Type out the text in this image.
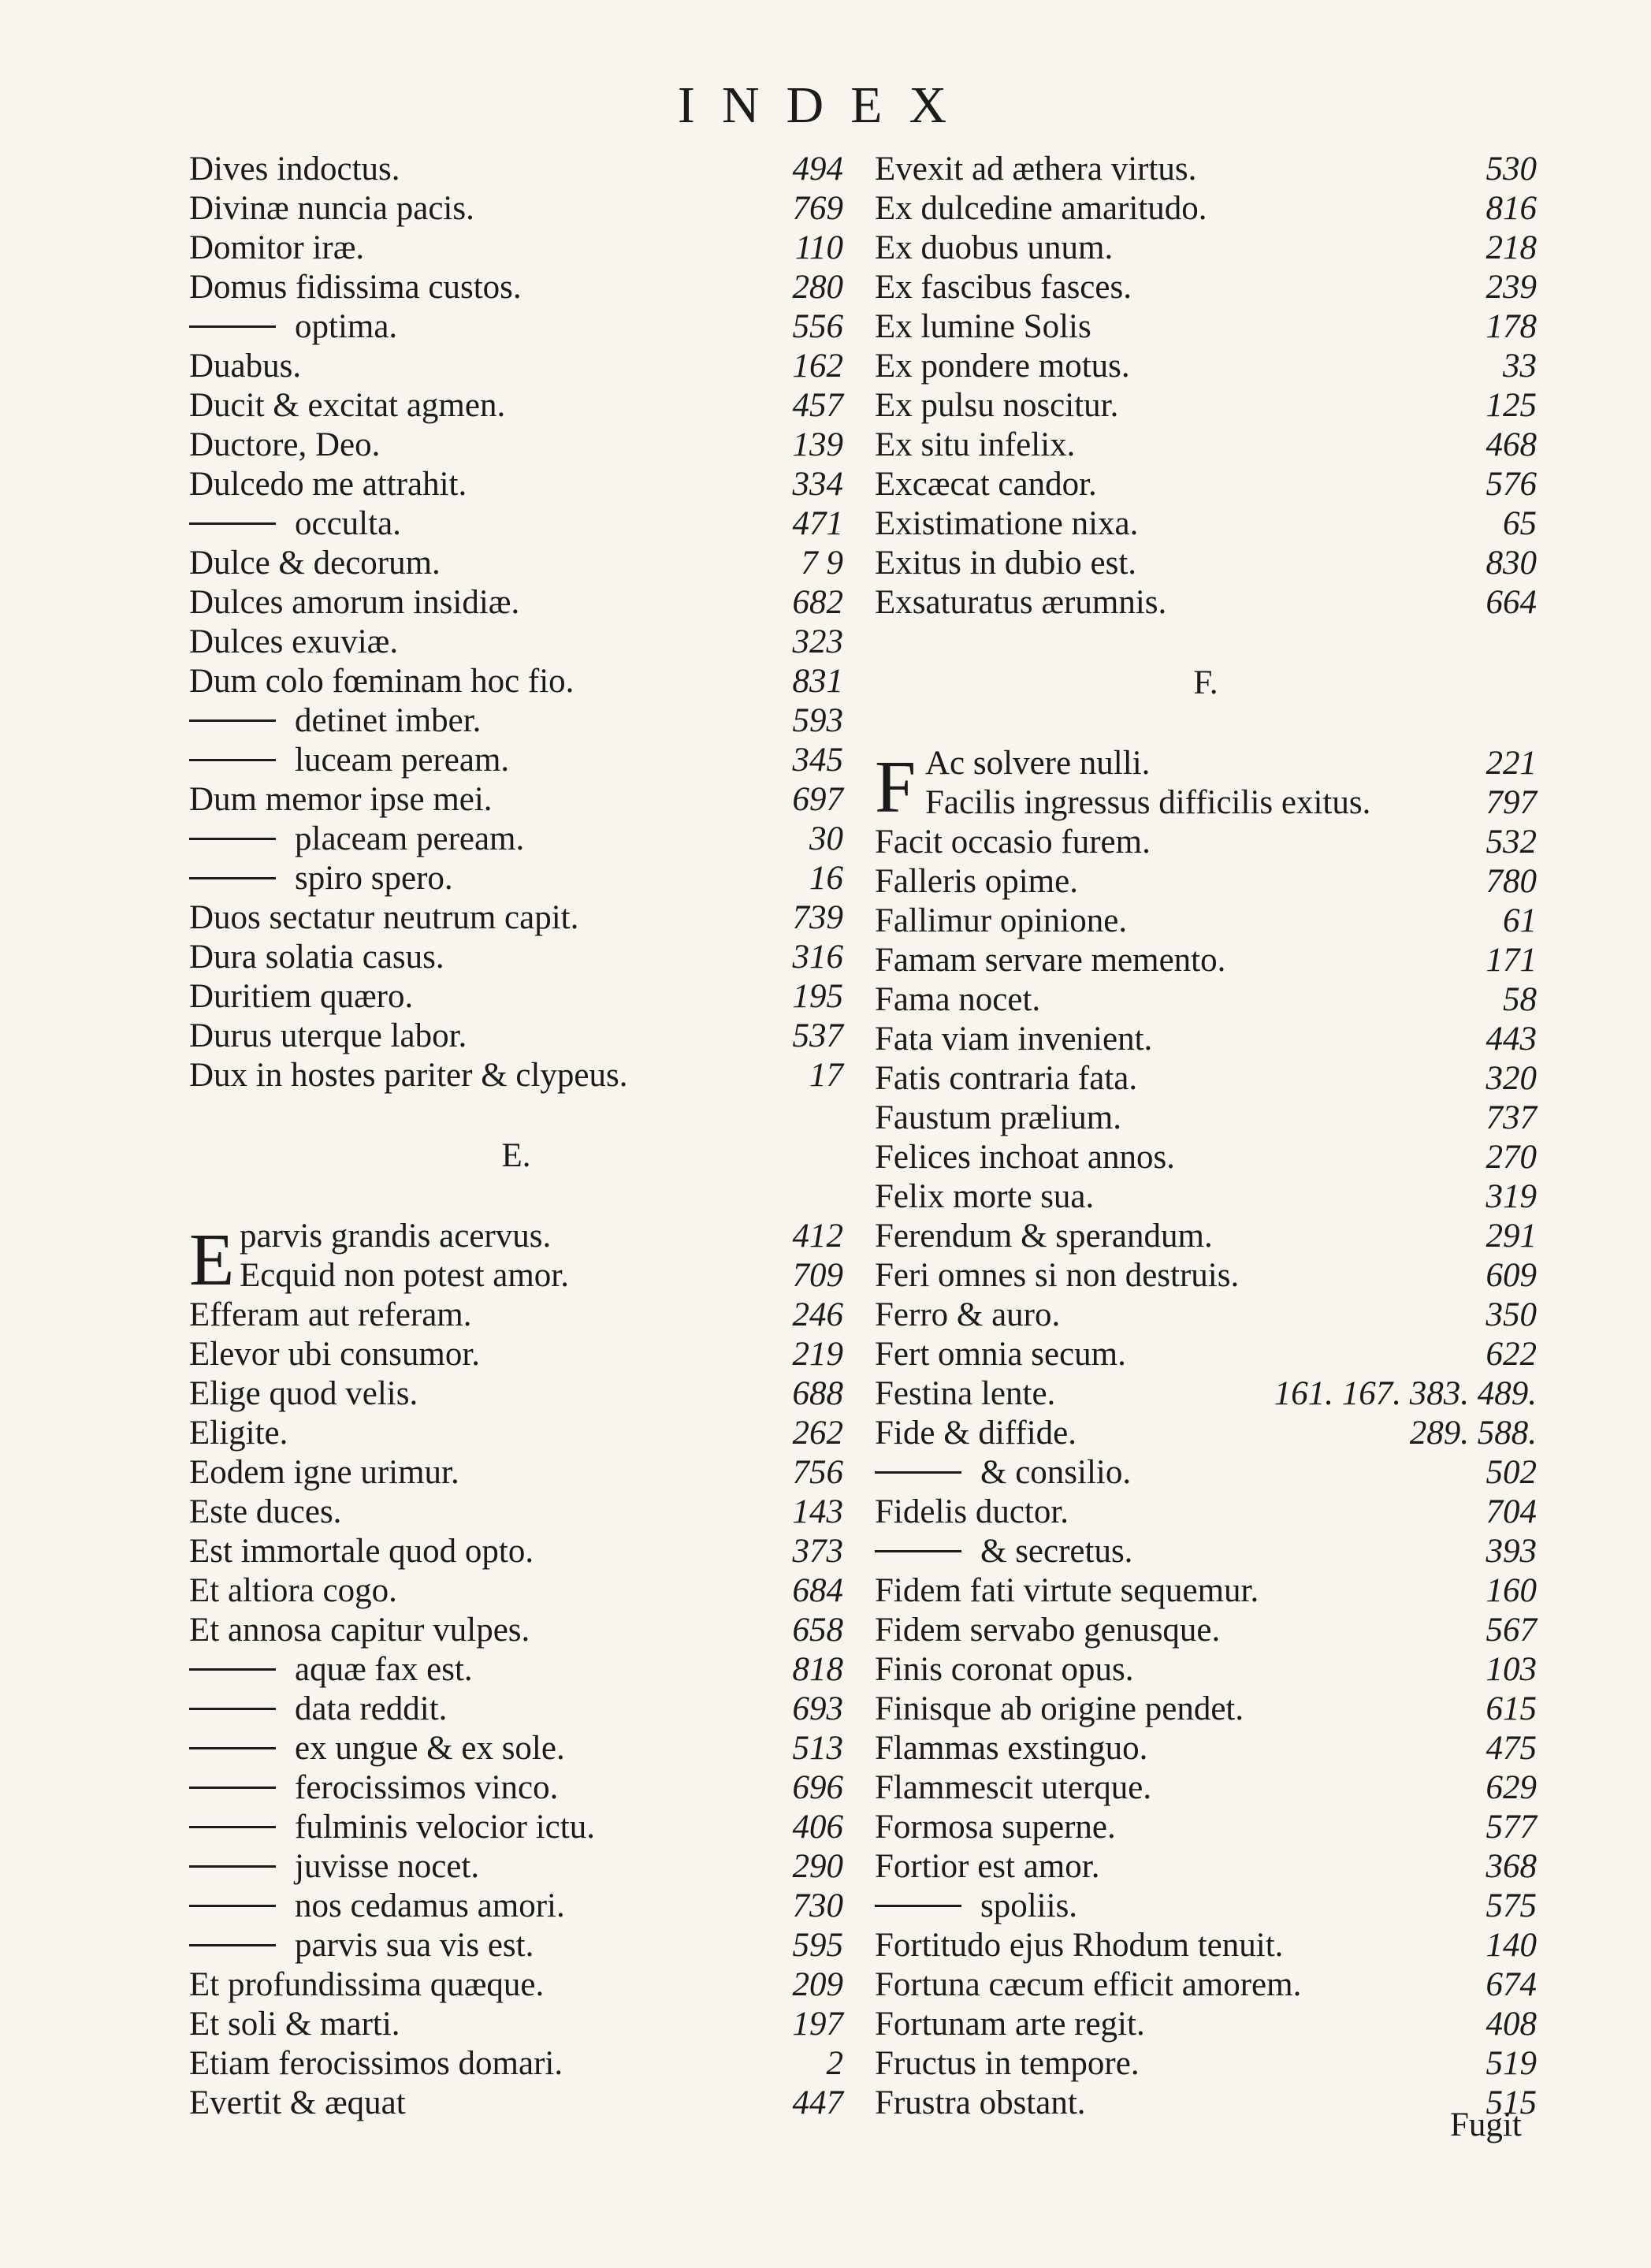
INDEX
Dives indoctus.	494
Divinæ nuncia pacis.	769
Domitor iræ.	110
Domus fidissima custos.	280
optima.	556
Duabus.	162
Ducit & excitat agmen.	457
Ductore, Deo.	139
Dulcedo me attrahit.	334
occulta.	471
Dulce & decorum.	7 9
Dulces amorum insidiæ.	682
Dulces exuviæ.	323
Dum colo fœminam hoc fio.	831
detinet imber.	593
luceam peream.	345
Dum memor ipse mei.	697
placeam peream.	30
spiro spero.	16
Duos sectatur neutrum capit.	739
Dura solatia casus.	316
Duritiem quæro.	195
Durus uterque labor.	537
Dux in hostes pariter & clypeus.	17
E.
E parvis grandis acervus.	412
Ecquid non potest amor.	709
Efferam aut referam.	246
Elevor ubi consumor.	219
Elige quod velis.	688
Eligite.	262
Eodem igne urimur.	756
Este duces.	143
Est immortale quod opto.	373
Et altiora cogo.	684
Et annosa capitur vulpes.	658
aquæ fax est.	818
data reddit.	693
ex ungue & ex sole.	513
ferocissimos vinco.	696
fulminis velocior ictu.	406
juvisse nocet.	290
nos cedamus amori.	730
parvis sua vis est.	595
Et profundissima quæque.	209
Et soli & marti.	197
Etiam ferocissimos domari.	2
Evertit & æquat	447
Evexit ad æthera virtus.	530
Ex dulcedine amaritudo.	816
Ex duobus unum.	218
Ex fascibus fasces.	239
Ex lumine Solis	178
Ex pondere motus.	33
Ex pulsu noscitur.	125
Ex situ infelix.	468
Excæcat candor.	576
Existimatione nixa.	65
Exitus in dubio est.	830
Exsaturatus ærumnis.	664
F.
F Ac solvere nulli.	221
Facilis ingressus difficilis exitus.	797
Facit occasio furem.	532
Falleris opime.	780
Fallimur opinione.	61
Famam servare memento.	171
Fama nocet.	58
Fata viam invenient.	443
Fatis contraria fata.	320
Faustum prælium.	737
Felices inchoat annos.	270
Felix morte sua.	319
Ferendum & sperandum.	291
Feri omnes si non destruis.	609
Ferro & auro.	350
Fert omnia secum.	622
Festina lente.	161. 167. 383. 489.
Fide & diffide.	289. 588.
& consilio.	502
Fidelis ductor.	704
& secretus.	393
Fidem fati virtute sequemur.	160
Fidem servabo genusque.	567
Finis coronat opus.	103
Finisque ab origine pendet.	615
Flammas exstinguo.	475
Flammescit uterque.	629
Formosa superne.	577
Fortior est amor.	368
spoliis.	575
Fortitudo ejus Rhodum tenuit.	140
Fortuna cæcum efficit amorem.	674
Fortunam arte regit.	408
Fructus in tempore.	519
Frustra obstant.	515
Fugit
